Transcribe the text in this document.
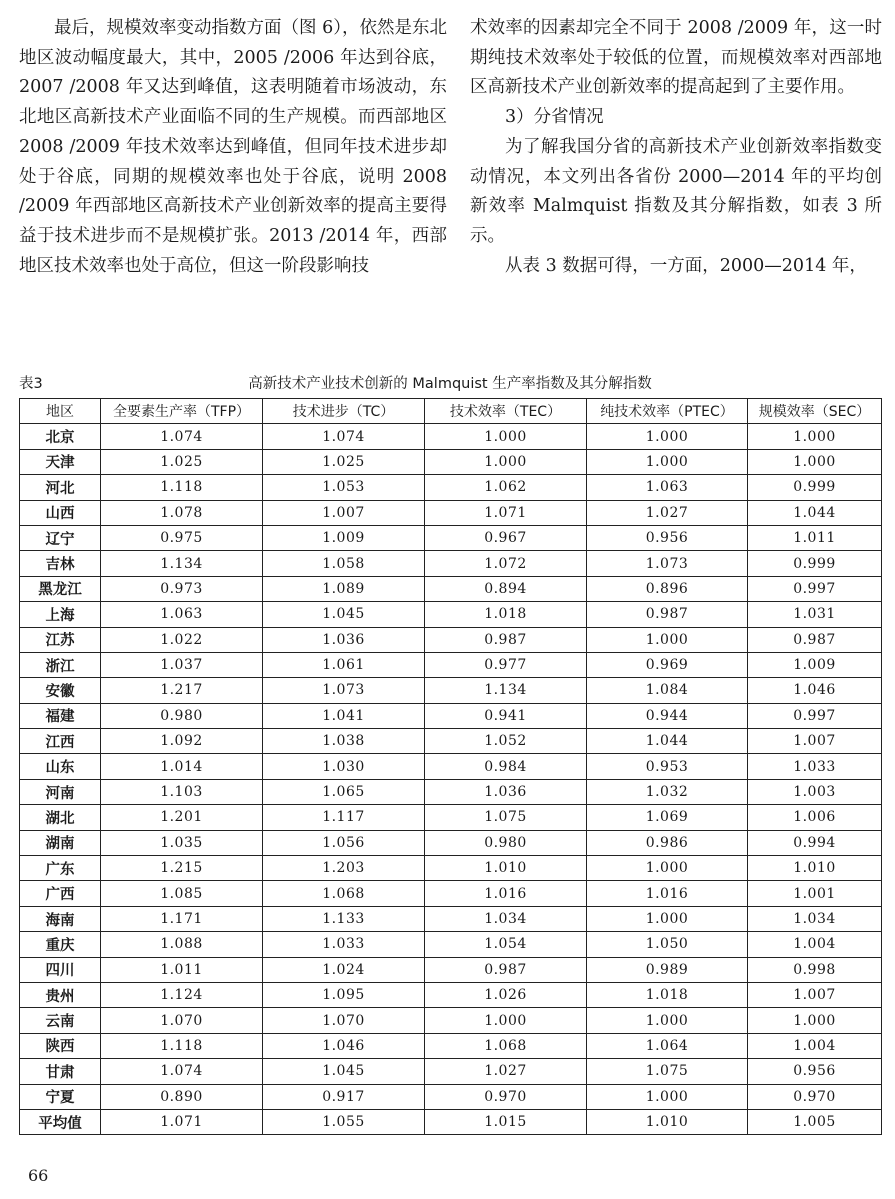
最后，规模效率变动指数方面（图 6），依然是东北地区波动幅度最大，其中，2005 /2006 年达到谷底，2007 /2008 年又达到峰值，这表明随着市场波动，东北地区高新技术产业面临不同的生产规模。而西部地区 2008 /2009 年技术效率达到峰值，但同年技术进步却处于谷底，同期的规模效率也处于谷底，说明 2008 /2009 年西部地区高新技术产业创新效率的提高主要得益于技术进步而不是规模扩张。2013 /2014 年，西部地区技术效率也处于高位，但这一阶段影响技

术效率的因素却完全不同于 2008 /2009 年，这一时期纯技术效率处于较低的位置，而规模效率对西部地区高新技术产业创新效率的提高起到了主要作用。

3）分省情况

为了解我国分省的高新技术产业创新效率指数变动情况，本文列出各省份 2000—2014 年的平均创新效率 Malmquist 指数及其分解指数，如表 3 所示。

从表 3 数据可得，一方面，2000—2014 年，

表3	高新技术产业技术创新的 Malmquist 生产率指数及其分解指数
地区	全要素生产率（TFP）	技术进步（TC）	技术效率（TEC）	纯技术效率（PTEC）	规模效率（SEC）
北京	1.074	1.074	1.000	1.000	1.000
天津	1.025	1.025	1.000	1.000	1.000
河北	1.118	1.053	1.062	1.063	0.999
山西	1.078	1.007	1.071	1.027	1.044
辽宁	0.975	1.009	0.967	0.956	1.011
吉林	1.134	1.058	1.072	1.073	0.999
黑龙江	0.973	1.089	0.894	0.896	0.997
上海	1.063	1.045	1.018	0.987	1.031
江苏	1.022	1.036	0.987	1.000	0.987
浙江	1.037	1.061	0.977	0.969	1.009
安徽	1.217	1.073	1.134	1.084	1.046
福建	0.980	1.041	0.941	0.944	0.997
江西	1.092	1.038	1.052	1.044	1.007
山东	1.014	1.030	0.984	0.953	1.033
河南	1.103	1.065	1.036	1.032	1.003
湖北	1.201	1.117	1.075	1.069	1.006
湖南	1.035	1.056	0.980	0.986	0.994
广东	1.215	1.203	1.010	1.000	1.010
广西	1.085	1.068	1.016	1.016	1.001
海南	1.171	1.133	1.034	1.000	1.034
重庆	1.088	1.033	1.054	1.050	1.004
四川	1.011	1.024	0.987	0.989	0.998
贵州	1.124	1.095	1.026	1.018	1.007
云南	1.070	1.070	1.000	1.000	1.000
陕西	1.118	1.046	1.068	1.064	1.004
甘肃	1.074	1.045	1.027	1.075	0.956
宁夏	0.890	0.917	0.970	1.000	0.970
平均值	1.071	1.055	1.015	1.010	1.005
66
